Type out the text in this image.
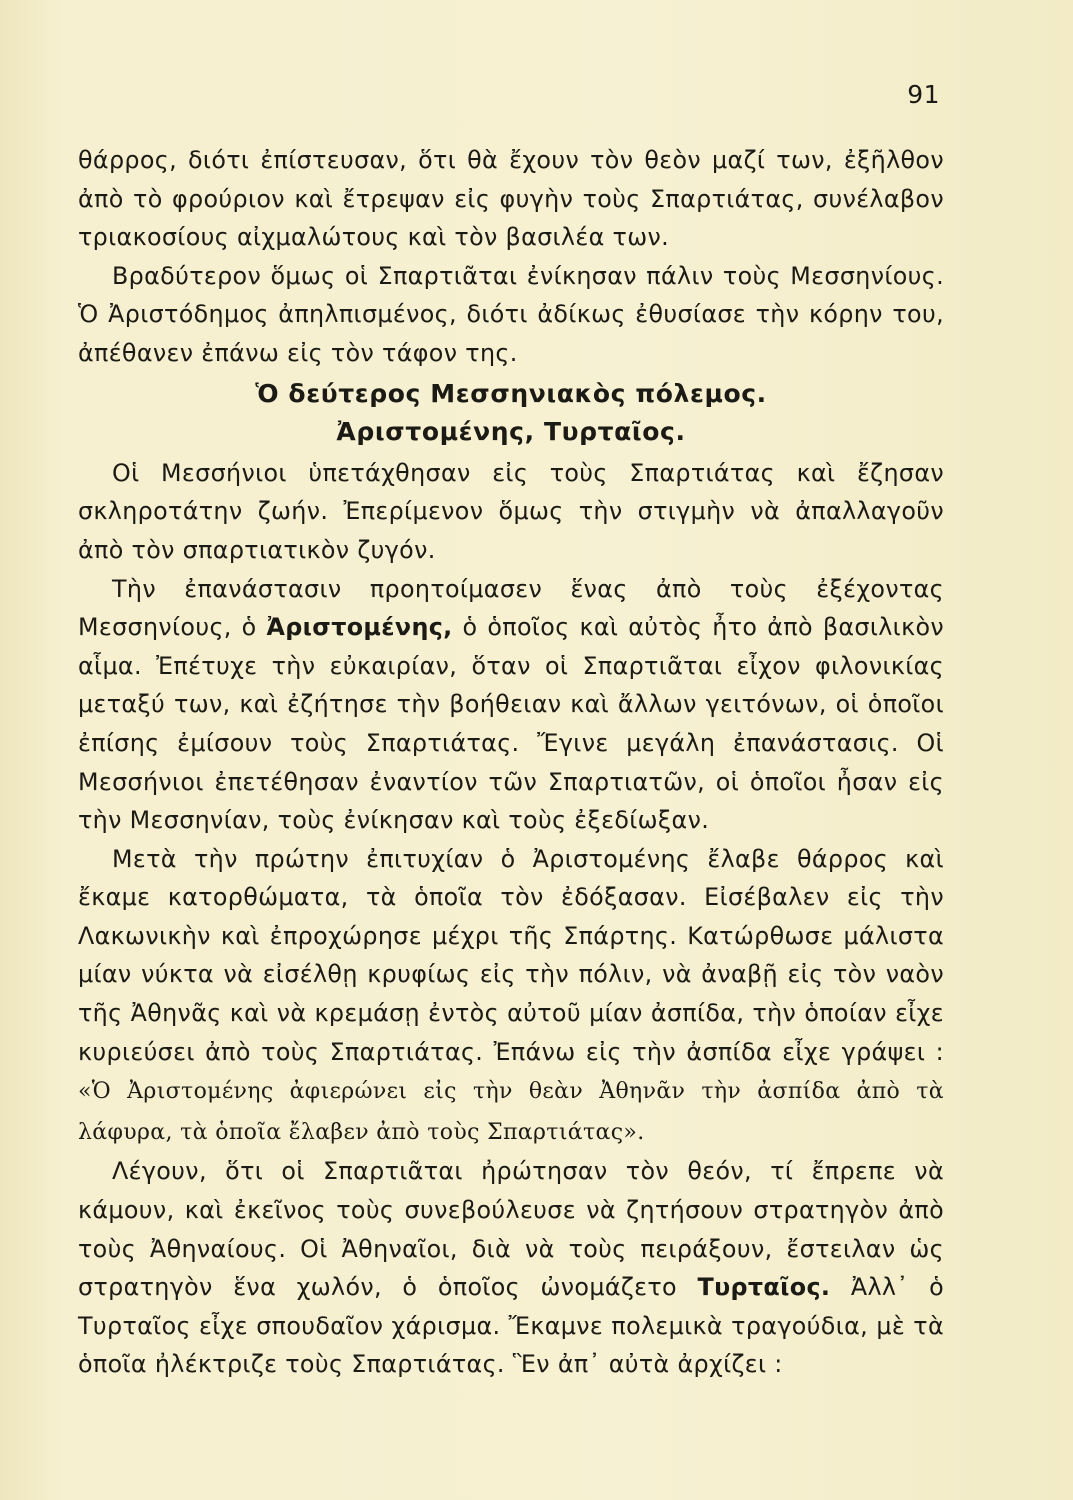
91

θάρρος, διότι ἐπίστευσαν, ὅτι θὰ ἔχουν τὸν θεὸν μαζί των, ἐξῆλθον ἀπὸ τὸ φρούριον καὶ ἔτρεψαν εἰς φυγὴν τοὺς Σπαρτιάτας, συνέλαβον τριακοσίους αἰχμαλώτους καὶ τὸν βασιλέα των.

Βραδύτερον ὅμως οἱ Σπαρτιᾶται ἐνίκησαν πάλιν τοὺς Μεσσηνίους. Ὁ Ἀριστόδημος ἀπηλπισμένος, διότι ἀδίκως ἐθυσίασε τὴν κόρην του, ἀπέθανεν ἐπάνω εἰς τὸν τάφον της.

Ὁ δεύτερος Μεσσηνιακὸς πόλεμος.
Ἀριστομένης, Τυρταῖος.

Οἱ Μεσσήνιοι ὑπετάχθησαν εἰς τοὺς Σπαρτιάτας καὶ ἔζησαν σκληροτάτην ζωήν. Ἐπερίμενον ὅμως τὴν στιγμὴν νὰ ἀπαλλαγοῦν ἀπὸ τὸν σπαρτιατικὸν ζυγόν.

Τὴν ἐπανάστασιν προητοίμασεν ἕνας ἀπὸ τοὺς ἐξέχοντας Μεσσηνίους, ὁ Ἀριστομένης, ὁ ὁποῖος καὶ αὐτὸς ἦτο ἀπὸ βασιλικὸν αἷμα. Ἐπέτυχε τὴν εὐκαιρίαν, ὅταν οἱ Σπαρτιᾶται εἶχον φιλονικίας μεταξύ των, καὶ ἐζήτησε τὴν βοήθειαν καὶ ἄλλων γειτόνων, οἱ ὁποῖοι ἐπίσης ἐμίσουν τοὺς Σπαρτιάτας. Ἔγινε μεγάλη ἐπανάστασις. Οἱ Μεσσήνιοι ἐπετέθησαν ἐναντίον τῶν Σπαρτιατῶν, οἱ ὁποῖοι ἦσαν εἰς τὴν Μεσσηνίαν, τοὺς ἐνίκησαν καὶ τοὺς ἐξεδίωξαν.

Μετὰ τὴν πρώτην ἐπιτυχίαν ὁ Ἀριστομένης ἔλαβε θάρρος καὶ ἔκαμε κατορθώματα, τὰ ὁποῖα τὸν ἐδόξασαν. Εἰσέβαλεν εἰς τὴν Λακωνικὴν καὶ ἐπροχώρησε μέχρι τῆς Σπάρτης. Κατώρθωσε μάλιστα μίαν νύκτα νὰ εἰσέλθῃ κρυφίως εἰς τὴν πόλιν, νὰ ἀναβῇ εἰς τὸν ναὸν τῆς Ἀθηνᾶς καὶ νὰ κρεμάσῃ ἐντὸς αὐτοῦ μίαν ἀσπίδα, τὴν ὁποίαν εἶχε κυριεύσει ἀπὸ τοὺς Σπαρτιάτας. Ἐπάνω εἰς τὴν ἀσπίδα εἶχε γράψει : «Ὁ Ἀριστομένης ἀφιερώνει εἰς τὴν θεὰν Ἀθηνᾶν τὴν ἀσπίδα ἀπὸ τὰ λάφυρα, τὰ ὁποῖα ἔλαβεν ἀπὸ τοὺς Σπαρτιάτας».

Λέγουν, ὅτι οἱ Σπαρτιᾶται ἠρώτησαν τὸν θεόν, τί ἔπρεπε νὰ κάμουν, καὶ ἐκεῖνος τοὺς συνεβούλευσε νὰ ζητήσουν στρατηγὸν ἀπὸ τοὺς Ἀθηναίους. Οἱ Ἀθηναῖοι, διὰ νὰ τοὺς πειράξουν, ἔστειλαν ὡς στρατηγὸν ἕνα χωλόν, ὁ ὁποῖος ὠνομάζετο Τυρταῖος. Ἀλλ᾿ ὁ Τυρταῖος εἶχε σπουδαῖον χάρισμα. Ἔκαμνε πολεμικὰ τραγούδια, μὲ τὰ ὁποῖα ἠλέκτριζε τοὺς Σπαρτιάτας. Ἓν ἀπ᾿ αὐτὰ ἀρχίζει :
